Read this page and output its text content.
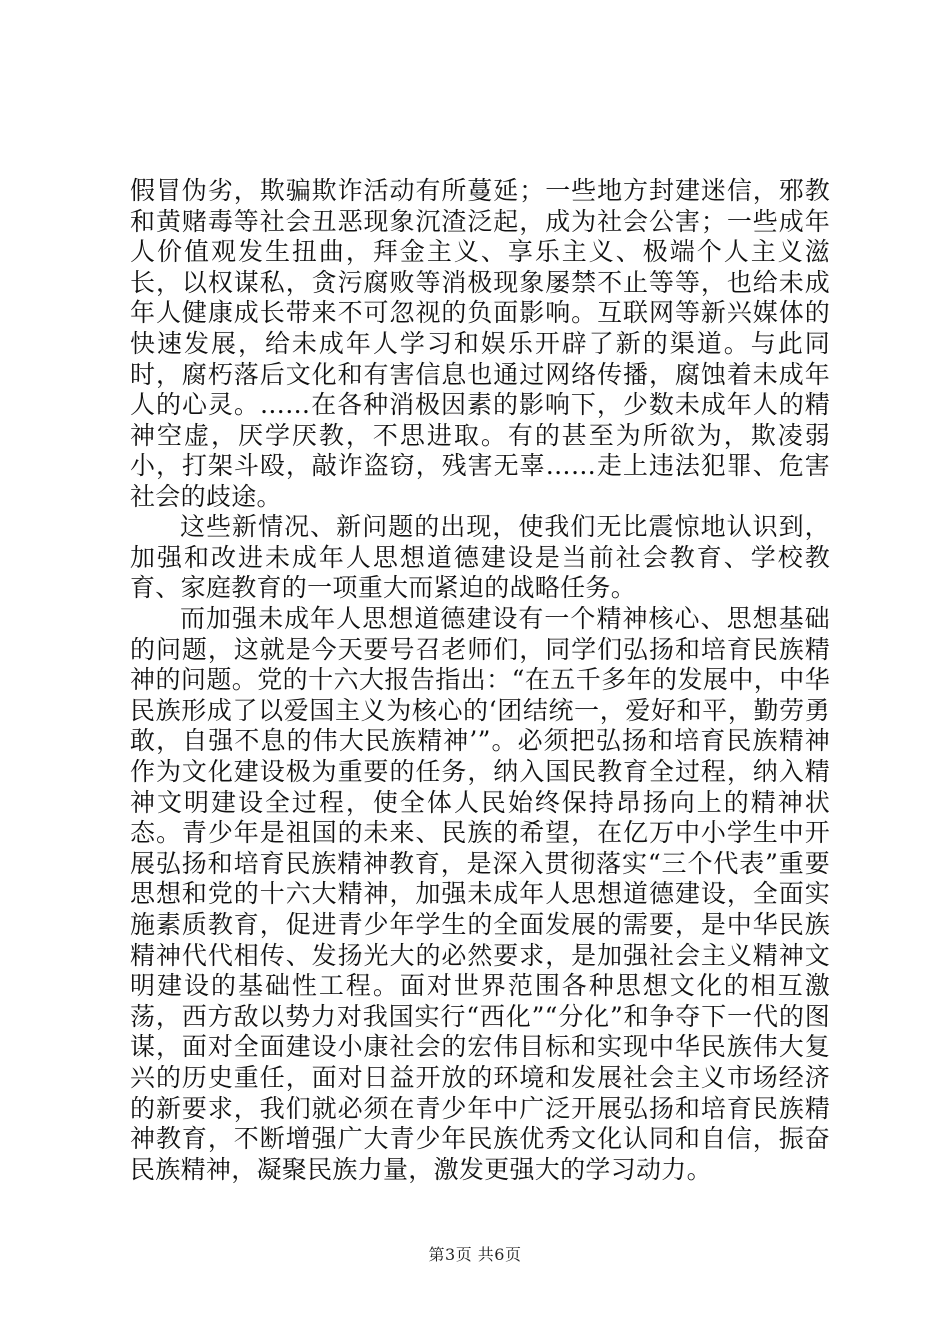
假冒伪劣，欺骗欺诈活动有所蔓延；一些地方封建迷信，邪教和黄赌毒等社会丑恶现象沉渣泛起，成为社会公害；一些成年人价值观发生扭曲，拜金主义、享乐主义、极端个人主义滋长，以权谋私，贪污腐败等消极现象屡禁不止等等，也给未成年人健康成长带来不可忽视的负面影响。互联网等新兴媒体的快速发展，给未成年人学习和娱乐开辟了新的渠道。与此同时，腐朽落后文化和有害信息也通过网络传播，腐蚀着未成年人的心灵。……在各种消极因素的影响下，少数未成年人的精神空虚，厌学厌教，不思进取。有的甚至为所欲为，欺凌弱小，打架斗殴，敲诈盗窃，残害无辜……走上违法犯罪、危害社会的歧途。

这些新情况、新问题的出现，使我们无比震惊地认识到，加强和改进未成年人思想道德建设是当前社会教育、学校教育、家庭教育的一项重大而紧迫的战略任务。

而加强未成年人思想道德建设有一个精神核心、思想基础的问题，这就是今天要号召老师们，同学们弘扬和培育民族精神的问题。党的十六大报告指出：“在五千多年的发展中，中华民族形成了以爱国主义为核心的‘团结统一，爱好和平，勤劳勇敢，自强不息的伟大民族精神’”。必须把弘扬和培育民族精神作为文化建设极为重要的任务，纳入国民教育全过程，纳入精神文明建设全过程，使全体人民始终保持昂扬向上的精神状态。青少年是祖国的未来、民族的希望，在亿万中小学生中开展弘扬和培育民族精神教育，是深入贯彻落实“三个代表”重要思想和党的十六大精神，加强未成年人思想道德建设，全面实施素质教育，促进青少年学生的全面发展的需要，是中华民族精神代代相传、发扬光大的必然要求，是加强社会主义精神文明建设的基础性工程。面对世界范围各种思想文化的相互激荡，西方敌以势力对我国实行“西化”“分化”和争夺下一代的图谋，面对全面建设小康社会的宏伟目标和实现中华民族伟大复兴的历史重任，面对日益开放的环境和发展社会主义市场经济的新要求，我们就必须在青少年中广泛开展弘扬和培育民族精神教育，不断增强广大青少年民族优秀文化认同和自信，振奋民族精神，凝聚民族力量，激发更强大的学习动力。

第3页 共6页
